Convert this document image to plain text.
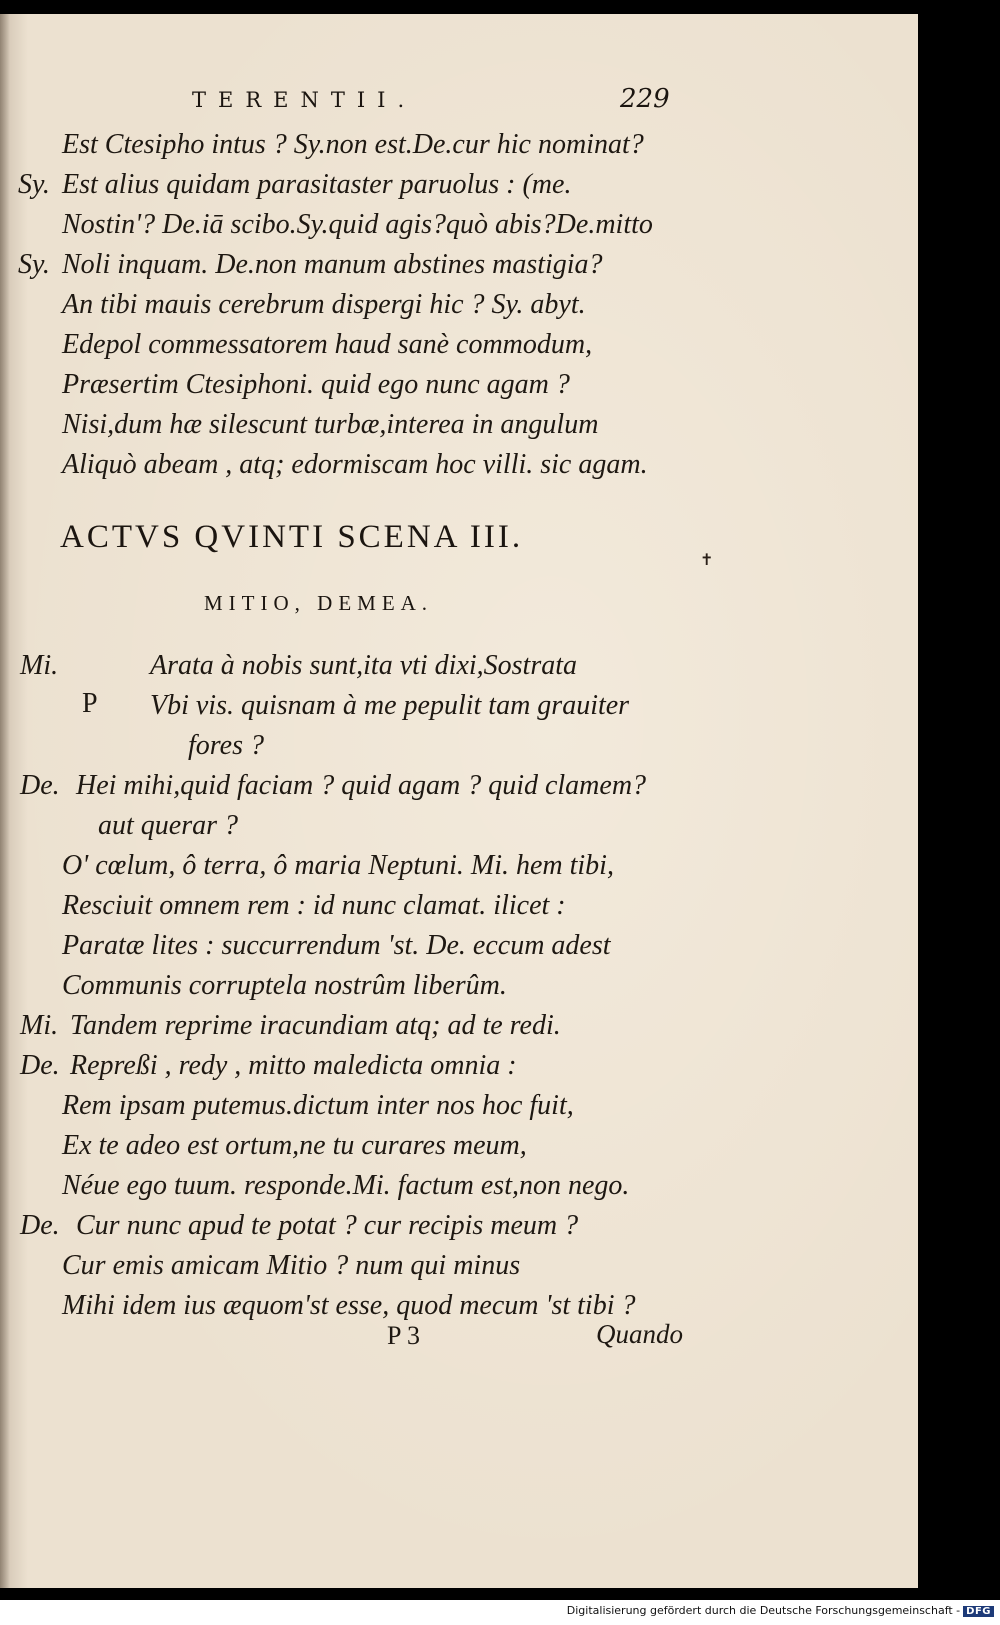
TERENTII.	229
Est Ctesipho intus ? Sy.non est.De.cur hic nominat?
Sy. Est alius quidam parasitaster paruolus : (me.
Nostin'? De.iā scibo.Sy.quid agis?quò abis?De.mitto
Sy. Noli inquam. De.non manum abstines mastigia?
An tibi mauis cerebrum dispergi hic ? Sy. abyt.
Edepol commessatorem haud sanè commodum,
Præsertim Ctesiphoni. quid ego nunc agam ?
Nisi,dum hæ silescunt turbæ,interea in angulum
Aliquò abeam , atq; edormiscam hoc villi. sic agam.
ACTVS QVINTI SCENA III.
✝
MITIO, DEMEA.
Mi.	Arata à nobis sunt,ita vti dixi,Sostrata
P Vbi vis. quisnam à me pepulit tam grauiter
fores ?
De. Hei mihi,quid faciam ? quid agam ? quid clamem?
aut querar ?
O' cœlum, ô terra, ô maria Neptuni. Mi. hem tibi,
Resciuit omnem rem : id nunc clamat. ilicet :
Paratæ lites : succurrendum 'st. De. eccum adest
Communis corruptela nostrûm liberûm.
Mi. Tandem reprime iracundiam atq; ad te redi.
De. Repreßi , redy , mitto maledicta omnia :
Rem ipsam putemus.dictum inter nos hoc fuit,
Ex te adeo est ortum,ne tu curares meum,
Néue ego tuum. responde.Mi. factum est,non nego.
De. Cur nunc apud te potat ? cur recipis meum ?
Cur emis amicam Mitio ? num qui minus
Mihi idem ius æquom'st esse, quod mecum 'st tibi ?
P 3	Quando
Digitalisierung gefördert durch die Deutsche Forschungsgemeinschaft - DFG
